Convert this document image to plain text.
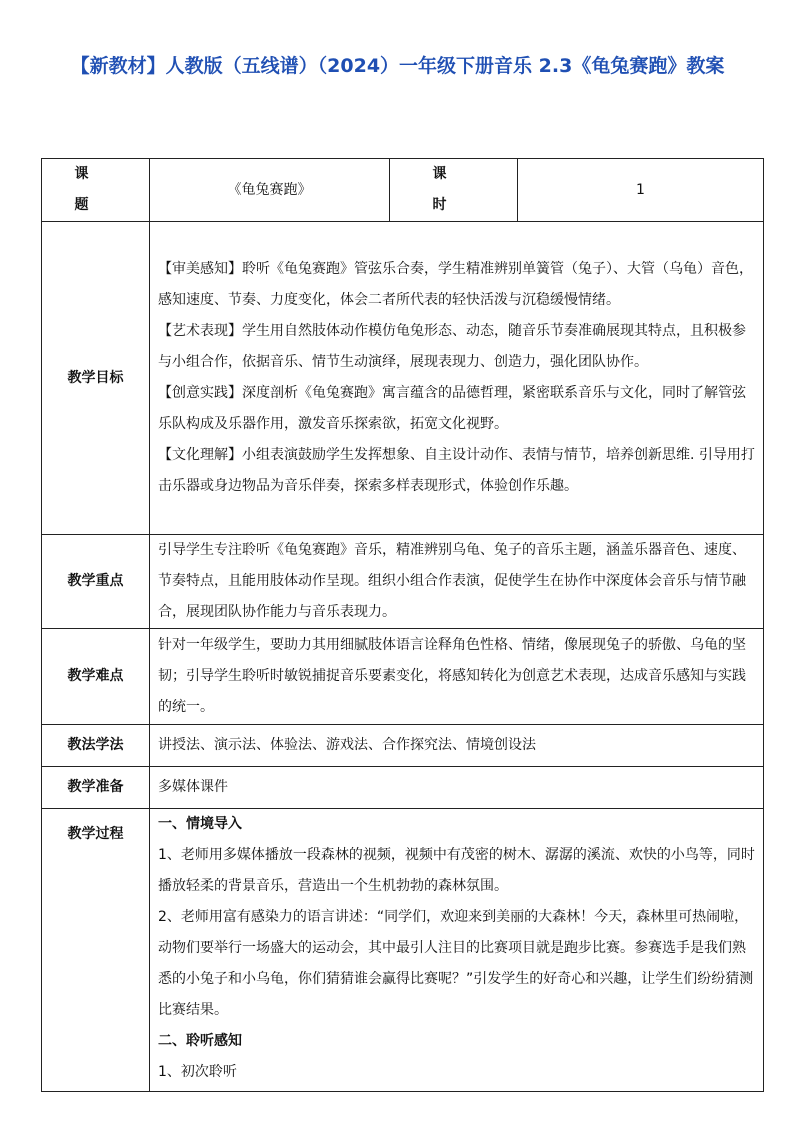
【新教材】人教版（五线谱）（2024）一年级下册音乐 2.3《龟兔赛跑》教案
课 题	《龟兔赛跑》	课 时	1
教学目标	【审美感知】聆听《龟兔赛跑》管弦乐合奏，学生精准辨别单簧管（兔子）、大管（乌龟）音色，感知速度、节奏、力度变化，体会二者所代表的轻快活泼与沉稳缓慢情绪。

【艺术表现】学生用自然肢体动作模仿龟兔形态、动态，随音乐节奏准确展现其特点，且积极参与小组合作，依据音乐、情节生动演绎，展现表现力、创造力，强化团队协作。

【创意实践】深度剖析《龟兔赛跑》寓言蕴含的品德哲理，紧密联系音乐与文化，同时了解管弦乐队构成及乐器作用，激发音乐探索欲，拓宽文化视野。

【文化理解】小组表演鼓励学生发挥想象、自主设计动作、表情与情节，培养创新思维. 引导用打击乐器或身边物品为音乐伴奏，探索多样表现形式，体验创作乐趣。		

教学重点	引导学生专注聆听《龟兔赛跑》音乐，精准辨别乌龟、兔子的音乐主题，涵盖乐器音色、速度、节奏特点，且能用肢体动作呈现。组织小组合作表演，促使学生在协作中深度体会音乐与情节融合，展现团队协作能力与音乐表现力。		
教学难点	针对一年级学生，要助力其用细腻肢体语言诠释角色性格、情绪，像展现兔子的骄傲、乌龟的坚韧；引导学生聆听时敏锐捕捉音乐要素变化，将感知转化为创意艺术表现，达成音乐感知与实践的统一。		
教法学法	讲授法、演示法、体验法、游戏法、合作探究法、情境创设法		
教学准备	多媒体课件		
教学过程	一、情境导入

1、老师用多媒体播放一段森林的视频，视频中有茂密的树木、潺潺的溪流、欢快的小鸟等，同时播放轻柔的背景音乐，营造出一个生机勃勃的森林氛围。

2、老师用富有感染力的语言讲述：“同学们，欢迎来到美丽的大森林！今天，森林里可热闹啦，动物们要举行一场盛大的运动会，其中最引人注目的比赛项目就是跑步比赛。参赛选手是我们熟悉的小兔子和小乌龟，你们猜猜谁会赢得比赛呢？”引发学生的好奇心和兴趣，让学生们纷纷猜测比赛结果。

二、聆听感知

1、初次聆听		
